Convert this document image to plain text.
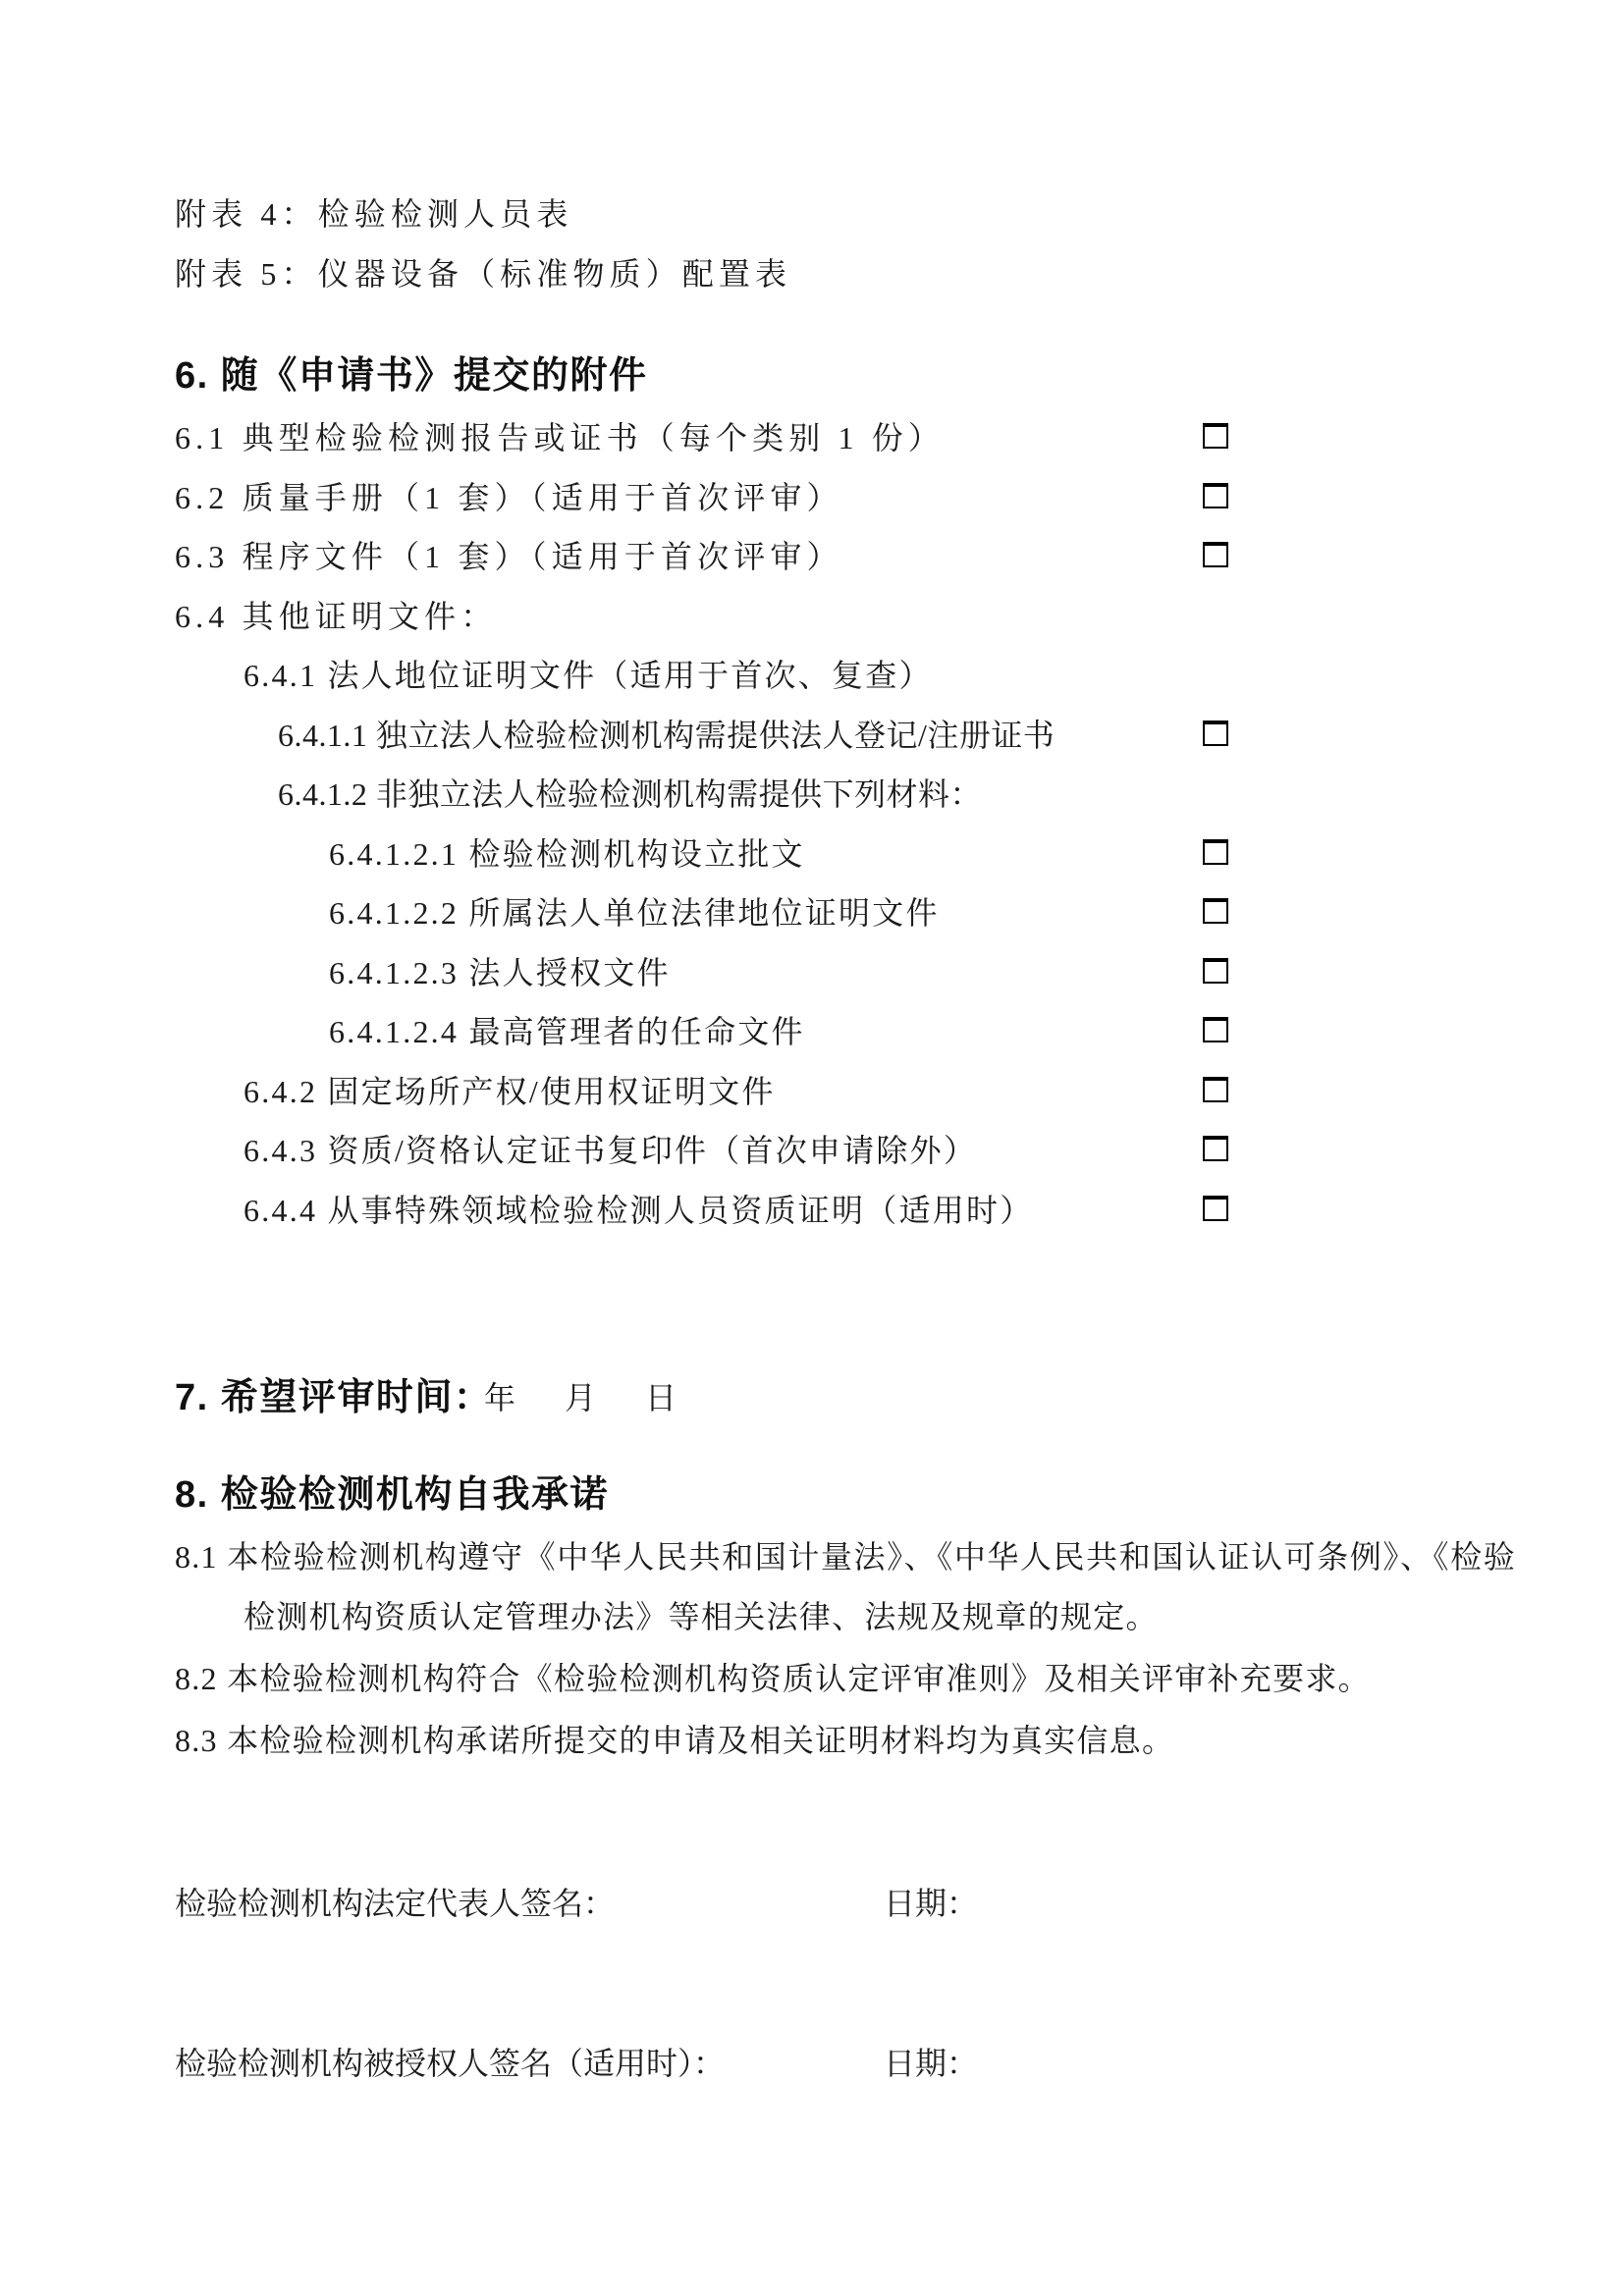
附表 4：检验检测人员表
附表 5：仪器设备（标准物质）配置表
6. 随《申请书》提交的附件
6.1 典型检验检测报告或证书（每个类别 1 份）
6.2 质量手册（1 套）（适用于首次评审）
6.3 程序文件（1 套）（适用于首次评审）
6.4 其他证明文件：
6.4.1 法人地位证明文件（适用于首次、复查）
6.4.1.1 独立法人检验检测机构需提供法人登记/注册证书
6.4.1.2 非独立法人检验检测机构需提供下列材料：
6.4.1.2.1 检验检测机构设立批文
6.4.1.2.2 所属法人单位法律地位证明文件
6.4.1.2.3 法人授权文件
6.4.1.2.4 最高管理者的任命文件
6.4.2 固定场所产权/使用权证明文件
6.4.3 资质/资格认定证书复印件（首次申请除外）
6.4.4 从事特殊领域检验检测人员资质证明（适用时）
7. 希望评审时间：
年 月 日
8. 检验检测机构自我承诺

8.1 本检验检测机构遵守《中华人民共和国计量法》、《中华人民共和国认证认可条例》、《检验检测机构资质认定管理办法》等相关法律、法规及规章的规定。

8.2 本检验检测机构符合《检验检测机构资质认定评审准则》及相关评审补充要求。

8.3 本检验检测机构承诺所提交的申请及相关证明材料均为真实信息。

检验检测机构法定代表人签名：	日期：
检验检测机构被授权人签名（适用时）：	日期：
